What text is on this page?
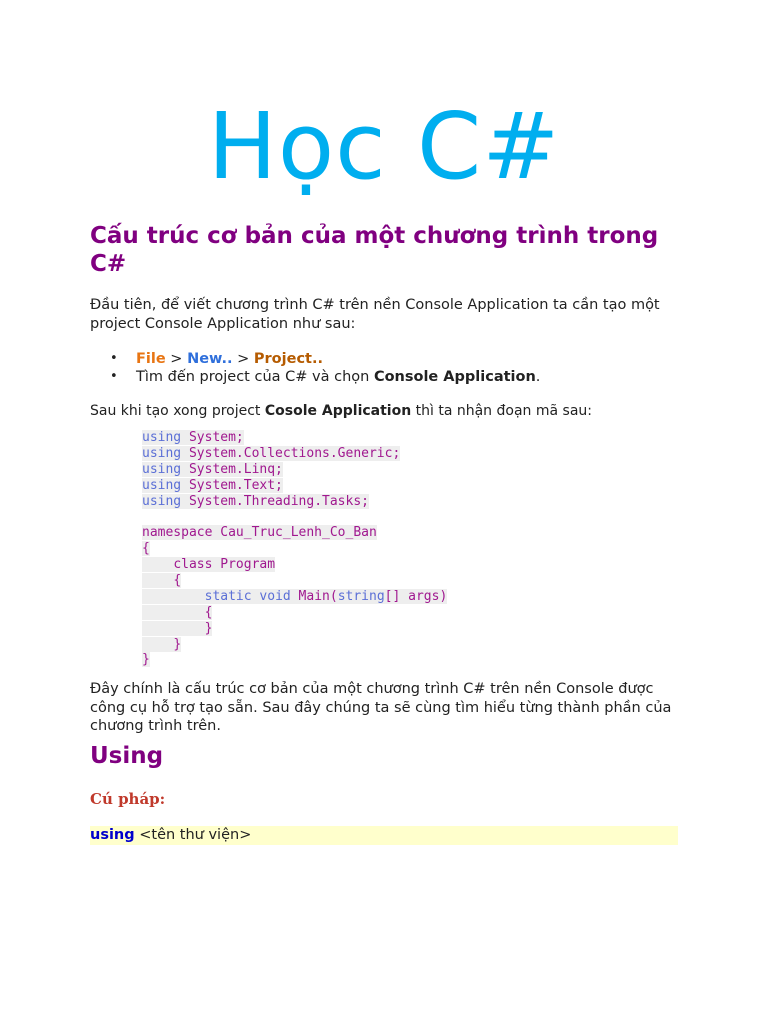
Học C#
Cấu trúc cơ bản của một chương trình trong C#
Đầu tiên, để viết chương trình C# trên nền Console Application ta cần tạo một project Console Application như sau:
• File > New.. > Project..
• Tìm đến project của C# và chọn Console Application.
Sau khi tạo xong project Cosole Application thì ta nhận đoạn mã sau:
using System;
using System.Collections.Generic;
using System.Linq;
using System.Text;
using System.Threading.Tasks;

namespace Cau_Truc_Lenh_Co_Ban
{
class Program
{
static void Main(string[] args)
{
}
}
}
Đây chính là cấu trúc cơ bản của một chương trình C# trên nền Console được công cụ hỗ trợ tạo sẵn. Sau đây chúng ta sẽ cùng tìm hiểu từng thành phần của chương trình trên.
Using
Cú pháp:
using <tên thư viện>
